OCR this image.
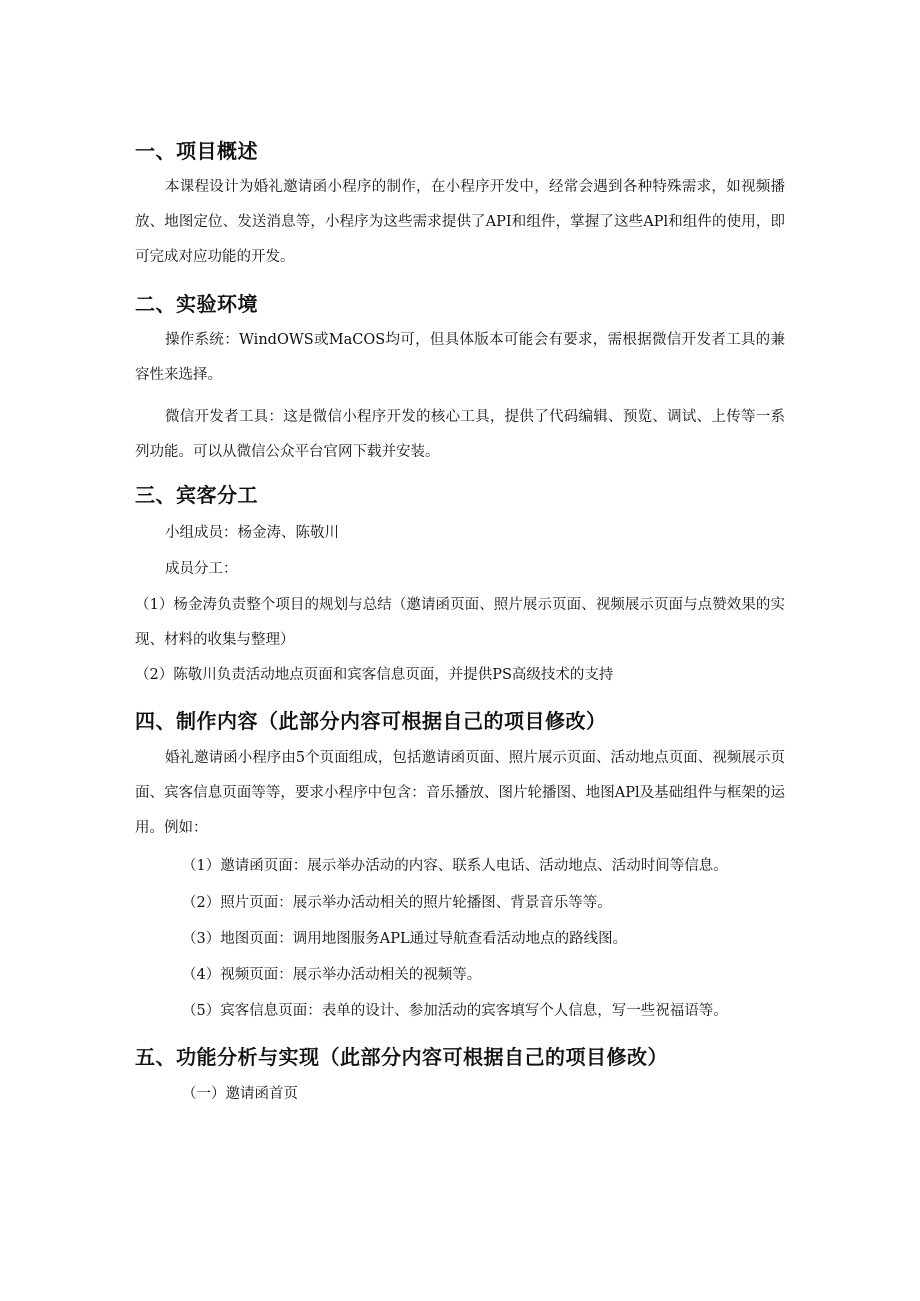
一、项目概述
本课程设计为婚礼邀请函小程序的制作，在小程序开发中，经常会遇到各种特殊需求，如视频播放、地图定位、发送消息等，小程序为这些需求提供了API和组件，掌握了这些APl和组件的使用，即可完成对应功能的开发。
二、实验环境
操作系统：WindOWS或MaCOS均可，但具体版本可能会有要求，需根据微信开发者工具的兼容性来选择。
微信开发者工具：这是微信小程序开发的核心工具，提供了代码编辑、预览、调试、上传等一系列功能。可以从微信公众平台官网下载并安装。
三、宾客分工
小组成员：杨金涛、陈敬川
成员分工：
（1）杨金涛负责整个项目的规划与总结（邀请函页面、照片展示页面、视频展示页面与点赞效果的实现、材料的收集与整理）
（2）陈敬川负责活动地点页面和宾客信息页面，并提供PS高级技术的支持
四、制作内容（此部分内容可根据自己的项目修改）
婚礼邀请函小程序由5个页面组成，包括邀请函页面、照片展示页面、活动地点页面、视频展示页面、宾客信息页面等等，要求小程序中包含：音乐播放、图片轮播图、地图APl及基础组件与框架的运用。例如：
（1）邀请函页面：展示举办活动的内容、联系人电话、活动地点、活动时间等信息。
（2）照片页面：展示举办活动相关的照片轮播图、背景音乐等等。
（3）地图页面：调用地图服务APL通过导航查看活动地点的路线图。
（4）视频页面：展示举办活动相关的视频等。
（5）宾客信息页面：表单的设计、参加活动的宾客填写个人信息，写一些祝福语等。
五、功能分析与实现（此部分内容可根据自己的项目修改）
（一）邀请函首页
